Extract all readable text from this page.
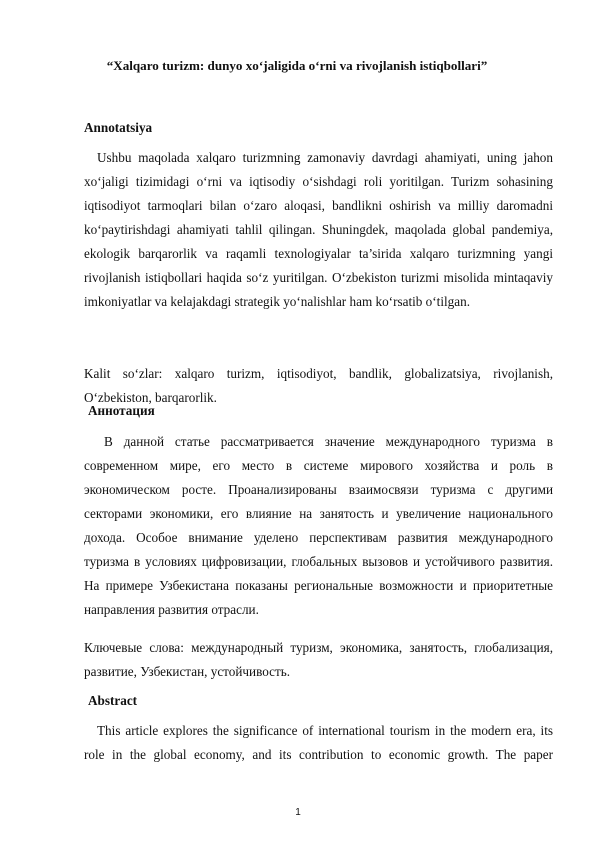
“Xalqaro turizm: dunyo xo‘jaligida o‘rni va rivojlanish istiqbollari”
Annotatsiya
Ushbu maqolada xalqaro turizmning zamonaviy davrdagi ahamiyati, uning jahon xo‘jaligi tizimidagi o‘rni va iqtisodiy o‘sishdagi roli yoritilgan. Turizm sohasining iqtisodiyot tarmoqlari bilan o‘zaro aloqasi, bandlikni oshirish va milliy daromadni ko‘paytirishdagi ahamiyati tahlil qilingan. Shuningdek, maqolada global pandemiya, ekologik barqarorlik va raqamli texnologiyalar ta’sirida xalqaro turizmning yangi rivojlanish istiqbollari haqida so‘z yuritilgan. O‘zbekiston turizmi misolida mintaqaviy imkoniyatlar va kelajakdagi strategik yo‘nalishlar ham ko‘rsatib o‘tilgan.
Kalit so‘zlar: xalqaro turizm, iqtisodiyot, bandlik, globalizatsiya, rivojlanish, O‘zbekiston, barqarorlik.
Аннотация
В данной статье рассматривается значение международного туризма в современном мире, его место в системе мирового хозяйства и роль в экономическом росте. Проанализированы взаимосвязи туризма с другими секторами экономики, его влияние на занятость и увеличение национального дохода. Особое внимание уделено перспективам развития международного туризма в условиях цифровизации, глобальных вызовов и устойчивого развития. На примере Узбекистана показаны региональные возможности и приоритетные направления развития отрасли.
Ключевые слова: международный туризм, экономика, занятость, глобализация, развитие, Узбекистан, устойчивость.
Abstract
This article explores the significance of international tourism in the modern era, its role in the global economy, and its contribution to economic growth. The paper
1
